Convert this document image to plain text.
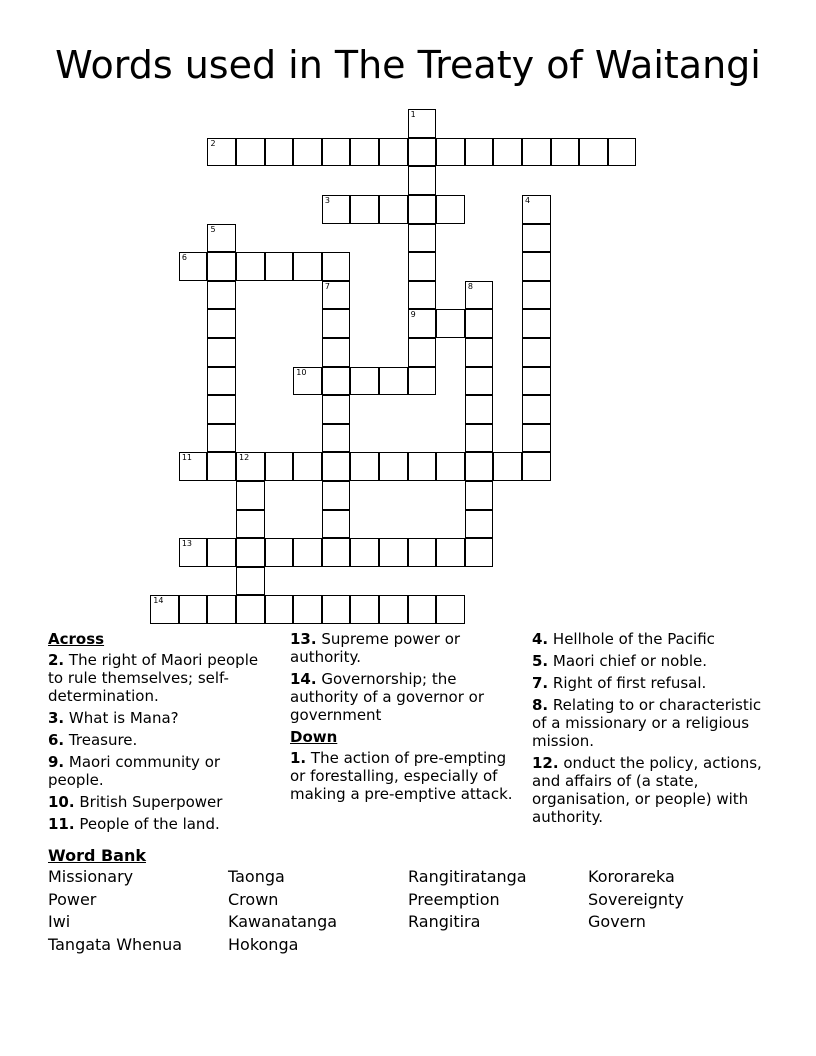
Words used in The Treaty of Waitangi
1
9
2
3	4
5
6
7	8
10
11	12
13
14
Across
2. The right of Maori people to rule themselves; self-determination.
3. What is Mana?
6. Treasure.
9. Maori community or people.
10. British Superpower
11. People of the land.
13. Supreme power or authority.
14. Governorship; the authority of a governor or government
Down
1. The action of pre-empting or forestalling, especially of making a pre-emptive attack.
4. Hellhole of the Pacific
5. Maori chief or noble.
7. Right of first refusal.
8. Relating to or characteristic of a missionary or a religious mission.
12. onduct the policy, actions, and affairs of (a state, organisation, or people) with authority.
Word Bank
Missionary	Taonga	Rangitiratanga	Kororareka
Power	Crown	Preemption	Sovereignty
Iwi	Kawanatanga	Rangitira	Govern
Tangata Whenua	Hokonga
